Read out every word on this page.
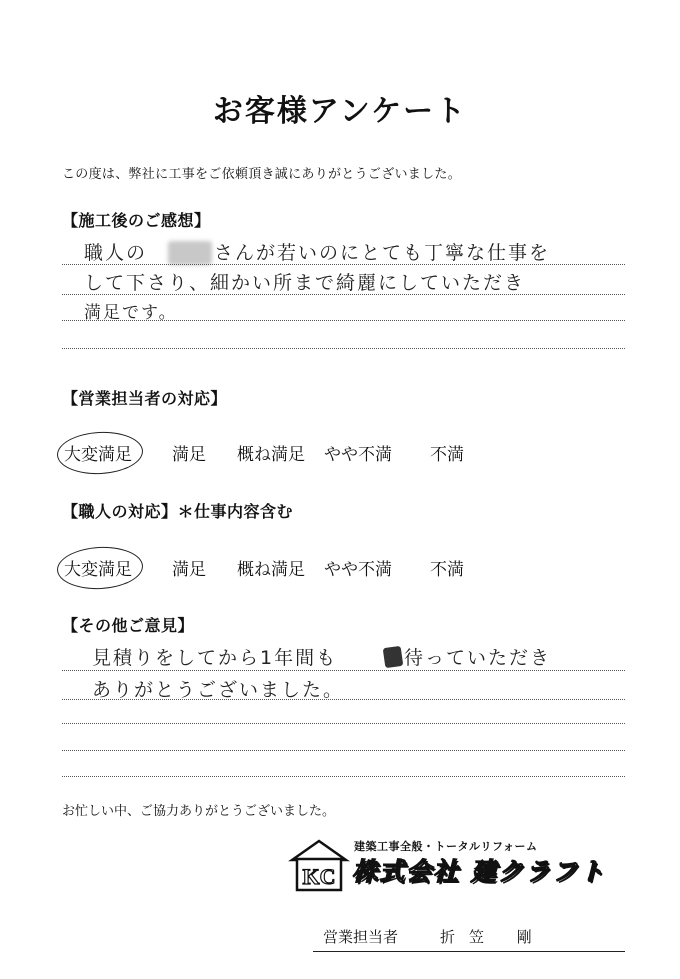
お客様アンケート
この度は、弊社に工事をご依頼頂き誠にありがとうございました。
【施工後のご感想】
職人の	さんが若いのにとても丁寧な仕事を
して下さり、細かい所まで綺麗にしていただき
満足です。
【営業担当者の対応】
大変満足 満足 概ね満足 やや不満 不満
【職人の対応】＊仕事内容含む
大変満足 満足 概ね満足 やや不満 不満
【その他ご意見】
見積りをしてから1年間も	待っていただき
ありがとうございました。
お忙しい中、ご協力ありがとうございました。
KC
建築工事全般・トータルリフォーム
株式会社 建クラフト
営業担当者	折笠 剛
